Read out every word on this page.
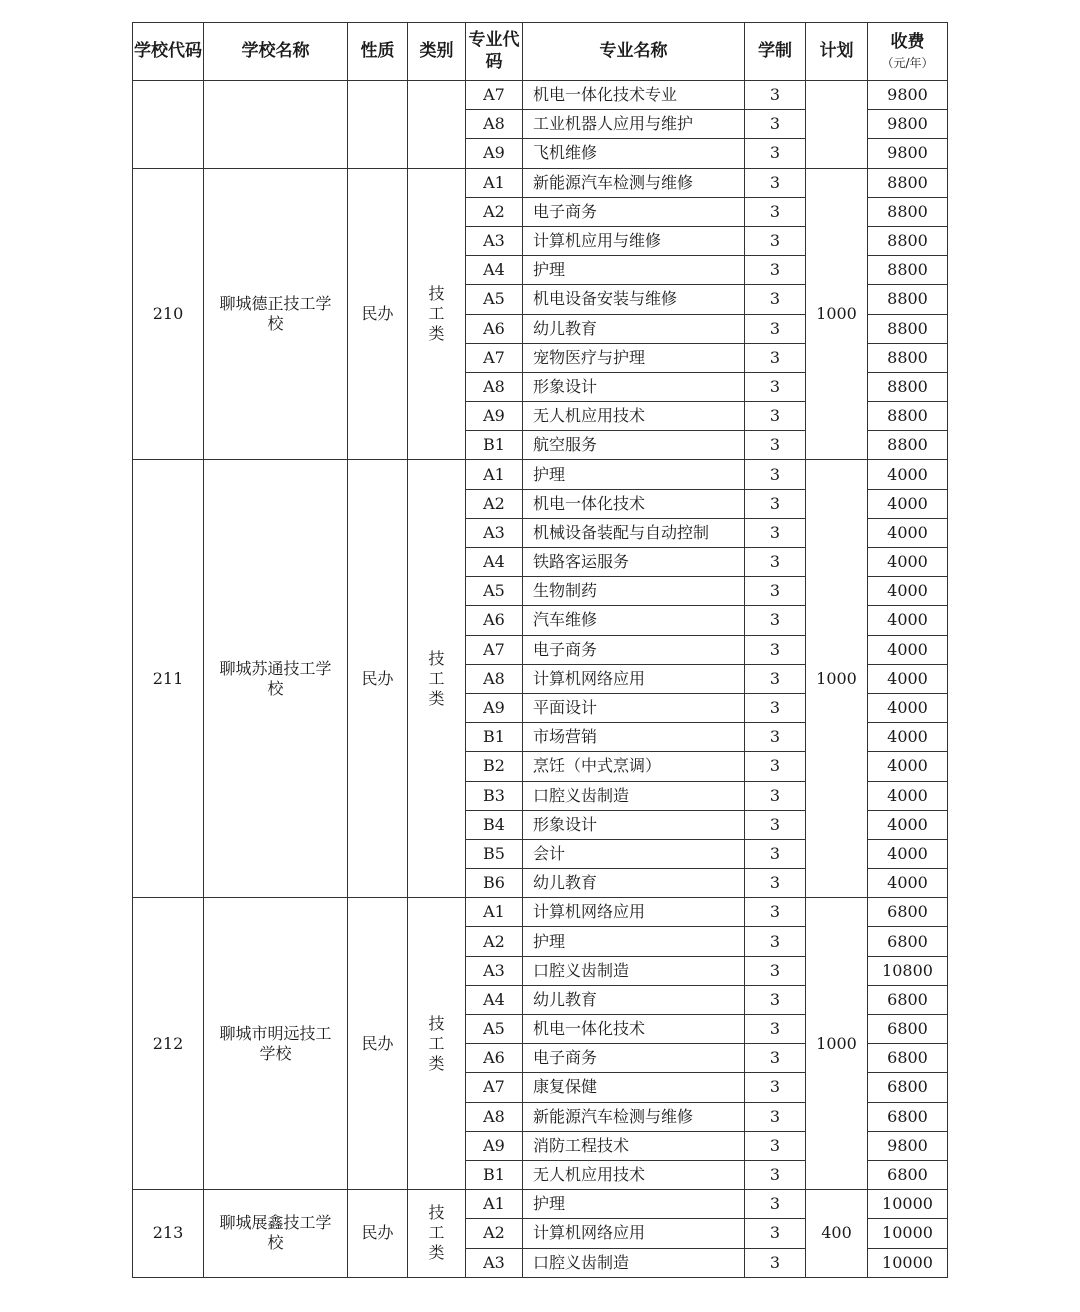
学校代码	学校名称	性质	类别	专业代码	专业名称	学制	计划	收费
（元/年）

				A7	机电一体化技术专业	3		9800
				A8	工业机器人应用与维护	3		9800
				A9	飞机维修	3		9800
210	聊城德正技工学校	民办	技工类	A1	新能源汽车检测与维修	3	1000	8800
				A2	电子商务	3		8800
				A3	计算机应用与维修	3		8800
				A4	护理	3		8800
				A5	机电设备安装与维修	3		8800
				A6	幼儿教育	3		8800
				A7	宠物医疗与护理	3		8800
				A8	形象设计	3		8800
				A9	无人机应用技术	3		8800
				B1	航空服务	3		8800
211	聊城苏通技工学校	民办	技工类	A1	护理	3	1000	4000
				A2	机电一体化技术	3		4000
				A3	机械设备装配与自动控制	3		4000
				A4	铁路客运服务	3		4000
				A5	生物制药	3		4000
				A6	汽车维修	3		4000
				A7	电子商务	3		4000
				A8	计算机网络应用	3		4000
				A9	平面设计	3		4000
				B1	市场营销	3		4000
				B2	烹饪（中式烹调）	3		4000
				B3	口腔义齿制造	3		4000
				B4	形象设计	3		4000
				B5	会计	3		4000
				B6	幼儿教育	3		4000
212	聊城市明远技工学校	民办	技工类	A1	计算机网络应用	3	1000	6800
				A2	护理	3		6800
				A3	口腔义齿制造	3		10800
				A4	幼儿教育	3		6800
				A5	机电一体化技术	3		6800
				A6	电子商务	3		6800
				A7	康复保健	3		6800
				A8	新能源汽车检测与维修	3		6800
				A9	消防工程技术	3		9800
				B1	无人机应用技术	3		6800
213	聊城展鑫技工学校	民办	技工类	A1	护理	3	400	10000
				A2	计算机网络应用	3		10000
				A3	口腔义齿制造	3		10000
